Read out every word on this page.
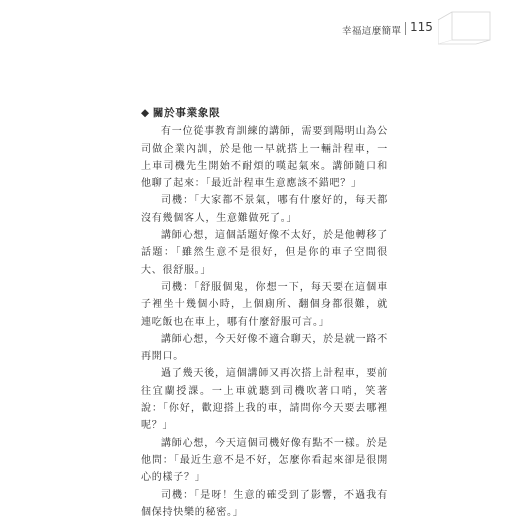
幸福這麼簡單 115
◆ 關於事業象限

有一位從事教育訓練的講師，需要到陽明山為公司做企業內訓，於是他一早就搭上一輛計程車，一上車司機先生開始不耐煩的嘆起氣來。講師隨口和他聊了起來：「最近計程車生意應該不錯吧？」

司機：「大家都不景氣，哪有什麼好的，每天都沒有幾個客人，生意難做死了。」

講師心想，這個話題好像不太好，於是他轉移了話題：「雖然生意不是很好，但是你的車子空間很大、很舒服。」

司機：「舒服個鬼，你想一下，每天要在這個車子裡坐十幾個小時，上個廁所、翻個身都很難，就連吃飯也在車上，哪有什麼舒服可言。」

講師心想，今天好像不適合聊天，於是就一路不再開口。

過了幾天後，這個講師又再次搭上計程車，要前往宜蘭授課。一上車就聽到司機吹著口哨，笑著說：「你好，歡迎搭上我的車，請問你今天要去哪裡呢？」

講師心想，今天這個司機好像有點不一樣。於是他問：「最近生意不是不好，怎麼你看起來卻是很開心的樣子？」

司機：「是呀！生意的確受到了影響，不過我有個保持快樂的秘密。」
